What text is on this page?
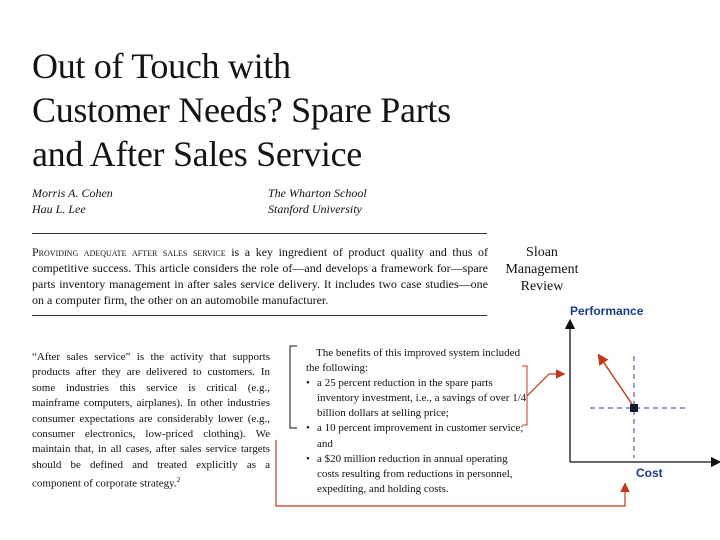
Out of Touch with
Customer Needs? Spare Parts
and After Sales Service
Morris A. Cohen
Hau L. Lee
The Wharton School
Stanford University
Providing adequate after sales service is a key ingredient of product quality and thus of competitive success. This article considers the role of—and develops a framework for—spare parts inventory management in after sales service delivery. It includes two case studies—one on a computer firm, the other on an automobile manufacturer.
Sloan
Management
Review
“After sales service” is the activity that supports products after they are delivered to customers. In some industries this service is critical (e.g., mainframe computers, airplanes). In other industries consumer expectations are considerably lower (e.g., consumer electronics, low-priced clothing). We maintain that, in all cases, after sales service targets should be defined and treated explicitly as a component of corporate strategy.$^2$
The benefits of this improved system included the following:
• a 25 percent reduction in the spare parts inventory investment, i.e., a savings of over 1/4 billion dollars at selling price;
• a 10 percent improvement in customer service; and
• a $20 million reduction in annual operating costs resulting from reductions in personnel, expediting, and holding costs.
Performance
Cost
